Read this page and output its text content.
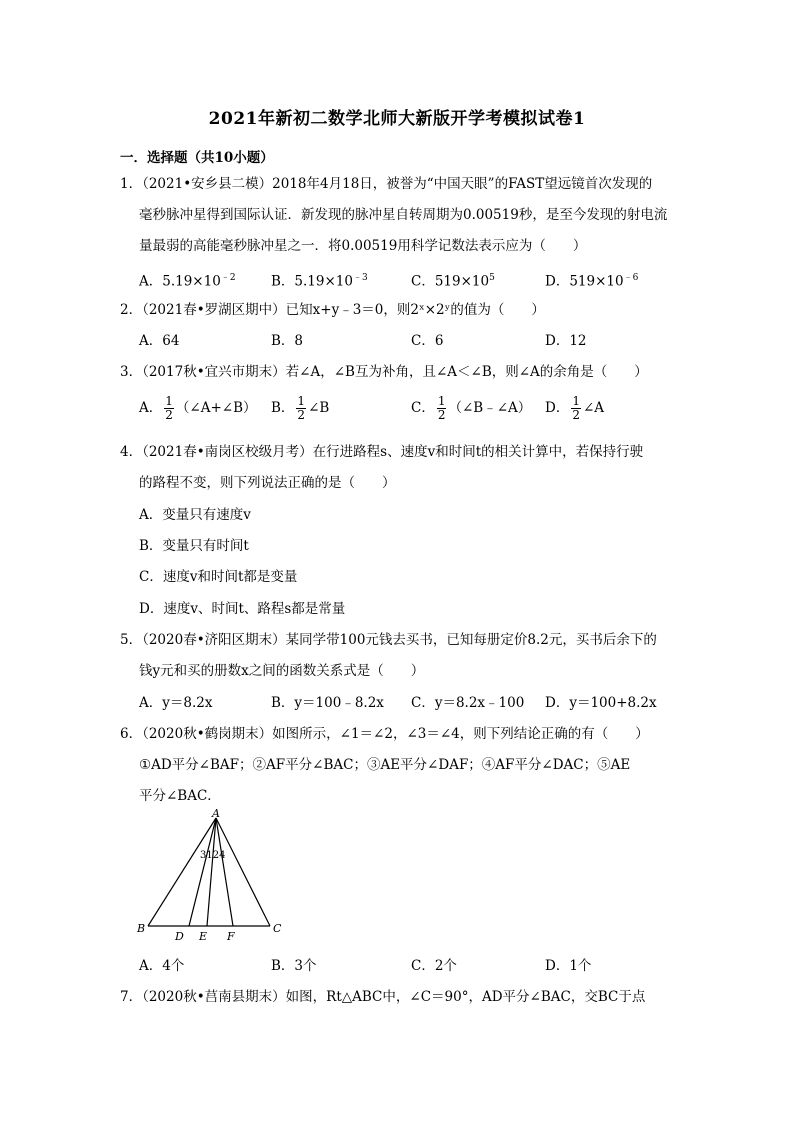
2021年新初二数学北师大新版开学考模拟试卷1
一．选择题（共10小题）
1．（2021•安乡县二模）2018年4月18日，被誉为“中国天眼”的FAST望远镜首次发现的
毫秒脉冲星得到国际认证．新发现的脉冲星自转周期为0.00519秒，是至今发现的射电流
量最弱的高能毫秒脉冲星之一．将0.00519用科学记数法表示应为（　　）
A．$5.19\times 10^{﹣2}$	B．$5.19\times 10^{﹣3}$	C．$519\times 10^5$	D．$519\times 10^{﹣6}$
2．（2021春•罗湖区期中）已知x+y﹣3＝0，则2ˣ×2ʸ的值为（　　）
A．64	B．8	C．6	D．12
3．（2017秋•宜兴市期末）若∠A，∠B互为补角，且∠A＜∠B，则∠A的余角是（　　）
A． $\frac{1}{2}$ （∠A+∠B） B． $\frac{1}{2}$ ∠B	C． $\frac{1}{2}$ （∠B﹣∠A） D． $\frac{1}{2}$ ∠A
4．（2021春•南岗区校级月考）在行进路程s、速度v和时间t的相关计算中，若保持行驶
的路程不变，则下列说法正确的是（　　）
A．变量只有速度v
B．变量只有时间t
C．速度v和时间t都是变量
D．速度v、时间t、路程s都是常量
5．（2020春•济阳区期末）某同学带100元钱去买书，已知每册定价8.2元，买书后余下的
钱y元和买的册数x之间的函数关系式是（　　）
A．y＝8.2x	B．y＝100﹣8.2x C．y＝8.2x﹣100 D．y＝100+8.2x
6．（2020秋•鹤岗期末）如图所示，∠1＝∠2，∠3＝∠4，则下列结论正确的有（　　）
①AD平分∠BAF；②AF平分∠BAC；③AE平分∠DAF；④AF平分∠DAC；⑤AE
平分∠BAC．
A
B	C
D E F
3124
A．4个	B．3个	C．2个	D．1个
7．（2020秋•莒南县期末）如图，Rt△ABC中，∠C＝90°，AD平分∠BAC，交BC于点
